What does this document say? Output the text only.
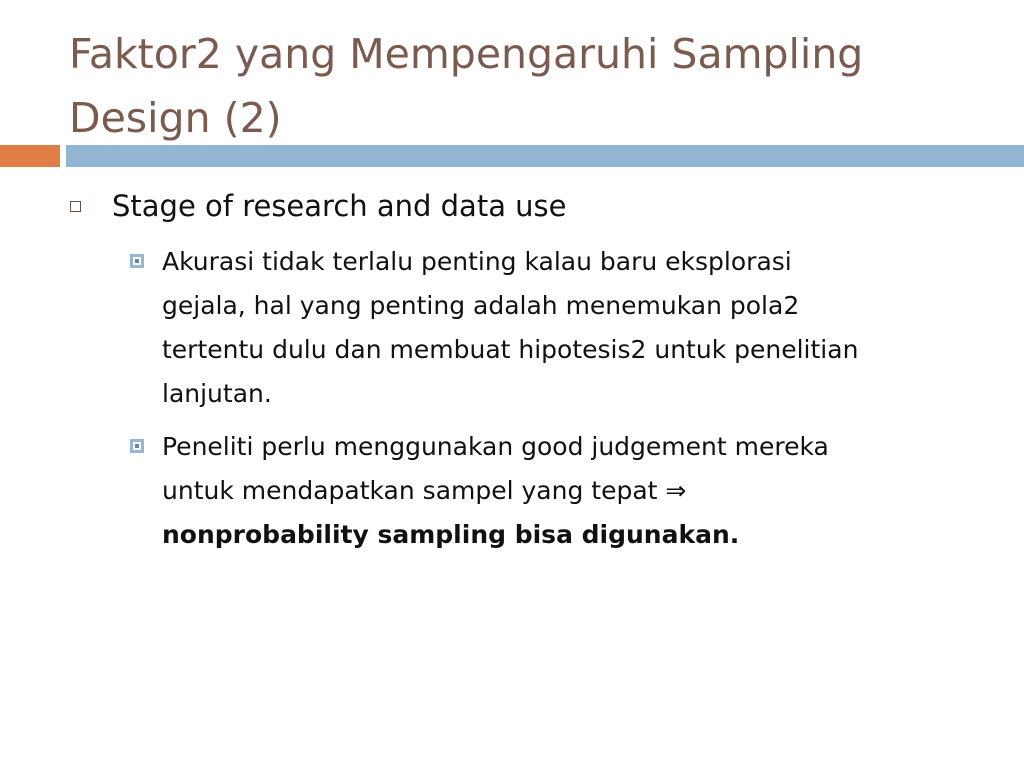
Faktor2 yang Mempengaruhi Sampling
Design (2)
Stage of research and data use
Akurasi tidak terlalu penting kalau baru eksplorasi
gejala, hal yang penting adalah menemukan pola2
tertentu dulu dan membuat hipotesis2 untuk penelitian
lanjutan.
Peneliti perlu menggunakan good judgement mereka
untuk mendapatkan sampel yang tepat ⇒
nonprobability sampling bisa digunakan.
